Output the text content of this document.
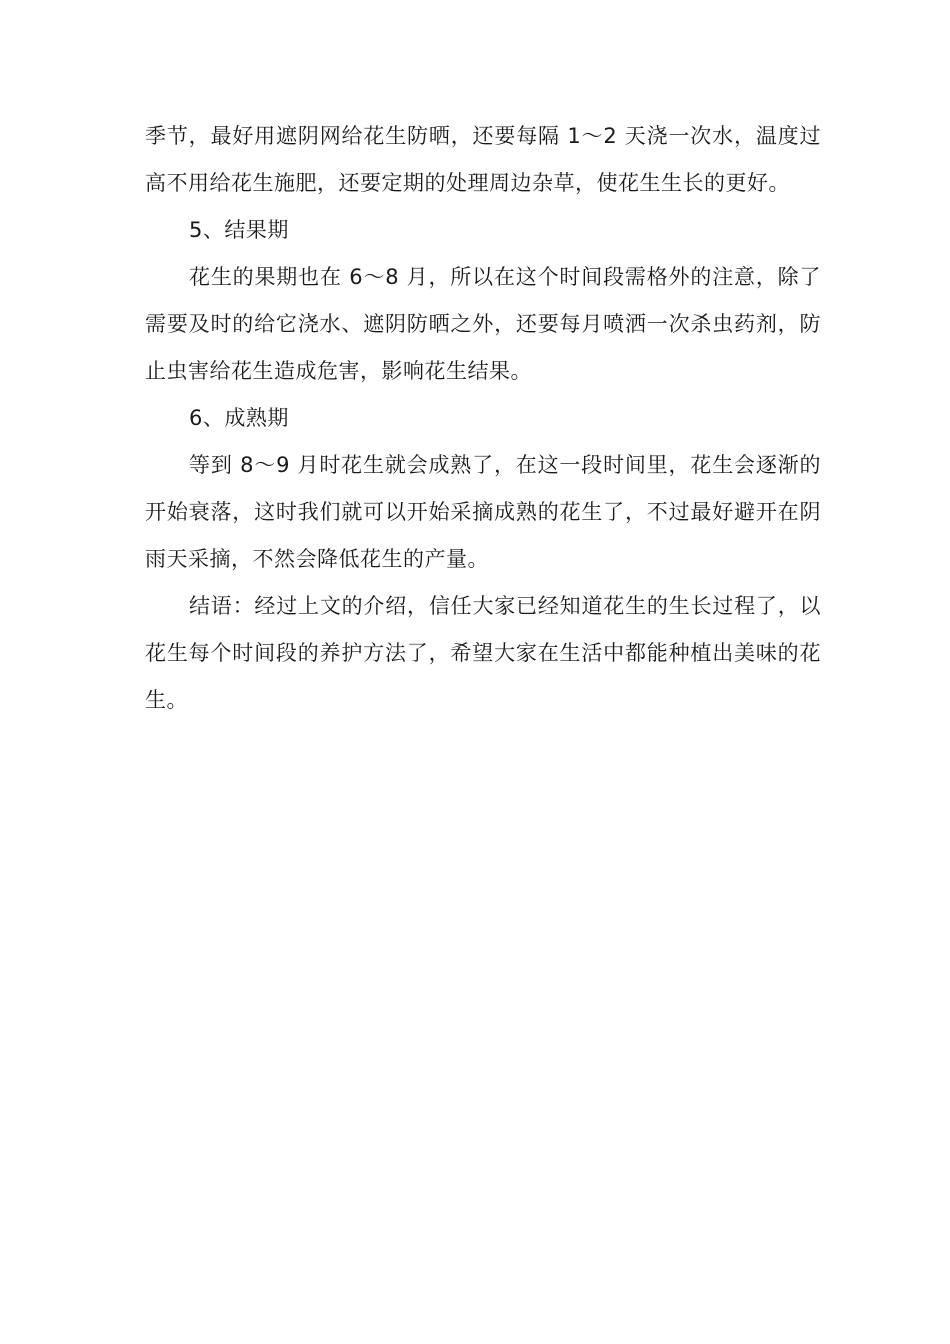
季节，最好用遮阴网给花生防晒，还要每隔 1～2 天浇一次水，温度过高不用给花生施肥，还要定期的处理周边杂草，使花生生长的更好。

5、结果期

花生的果期也在 6～8 月，所以在这个时间段需格外的注意，除了需要及时的给它浇水、遮阴防晒之外，还要每月喷洒一次杀虫药剂，防止虫害给花生造成危害，影响花生结果。

6、成熟期

等到 8～9 月时花生就会成熟了，在这一段时间里，花生会逐渐的开始衰落，这时我们就可以开始采摘成熟的花生了，不过最好避开在阴雨天采摘，不然会降低花生的产量。

结语：经过上文的介绍，信任大家已经知道花生的生长过程了，以花生每个时间段的养护方法了，希望大家在生活中都能种植出美味的花生。
